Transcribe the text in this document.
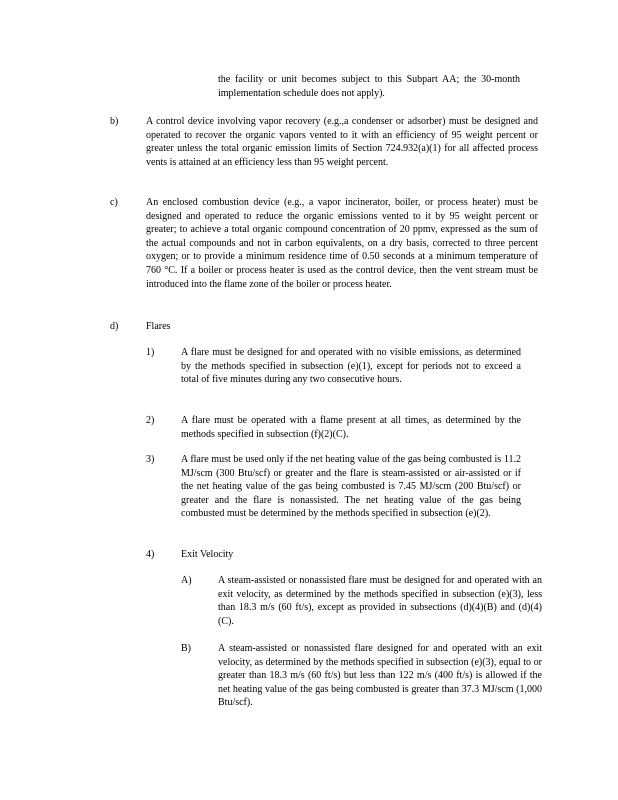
the facility or unit becomes subject to this Subpart AA; the 30-month implementation schedule does not apply).

b)	A control device involving vapor recovery (e.g.,a condenser or adsorber) must be designed and operated to recover the organic vapors vented to it with an efficiency of 95 weight percent or greater unless the total organic emission limits of Section 724.932(a)(1) for all affected process vents is attained at an efficiency less than 95 weight percent.

c)	An enclosed combustion device (e.g., a vapor incinerator, boiler, or process heater) must be designed and operated to reduce the organic emissions vented to it by 95 weight percent or greater; to achieve a total organic compound concentration of 20 ppmv, expressed as the sum of the actual compounds and not in carbon equivalents, on a dry basis, corrected to three percent oxygen; or to provide a minimum residence time of 0.50 seconds at a minimum temperature of 760 °C. If a boiler or process heater is used as the control device, then the vent stream must be introduced into the flame zone of the boiler or process heater.

d)	Flares

1)	A flare must be designed for and operated with no visible emissions, as determined by the methods specified in subsection (e)(1), except for periods not to exceed a total of five minutes during any two consecutive hours.

2)	A flare must be operated with a flame present at all times, as determined by the methods specified in subsection (f)(2)(C).

3)	A flare must be used only if the net heating value of the gas being combusted is 11.2 MJ/scm (300 Btu/scf) or greater and the flare is steam-assisted or air-assisted or if the net heating value of the gas being combusted is 7.45 MJ/scm (200 Btu/scf) or greater and the flare is nonassisted. The net heating value of the gas being combusted must be determined by the methods specified in subsection (e)(2).

4)	Exit Velocity

A)	A steam-assisted or nonassisted flare must be designed for and operated with an exit velocity, as determined by the methods specified in subsection (e)(3), less than 18.3 m/s (60 ft/s), except as provided in subsections (d)(4)(B) and (d)(4)(C).

B)	A steam-assisted or nonassisted flare designed for and operated with an exit velocity, as determined by the methods specified in subsection (e)(3), equal to or greater than 18.3 m/s (60 ft/s) but less than 122 m/s (400 ft/s) is allowed if the net heating value of the gas being combusted is greater than 37.3 MJ/scm (1,000 Btu/scf).
